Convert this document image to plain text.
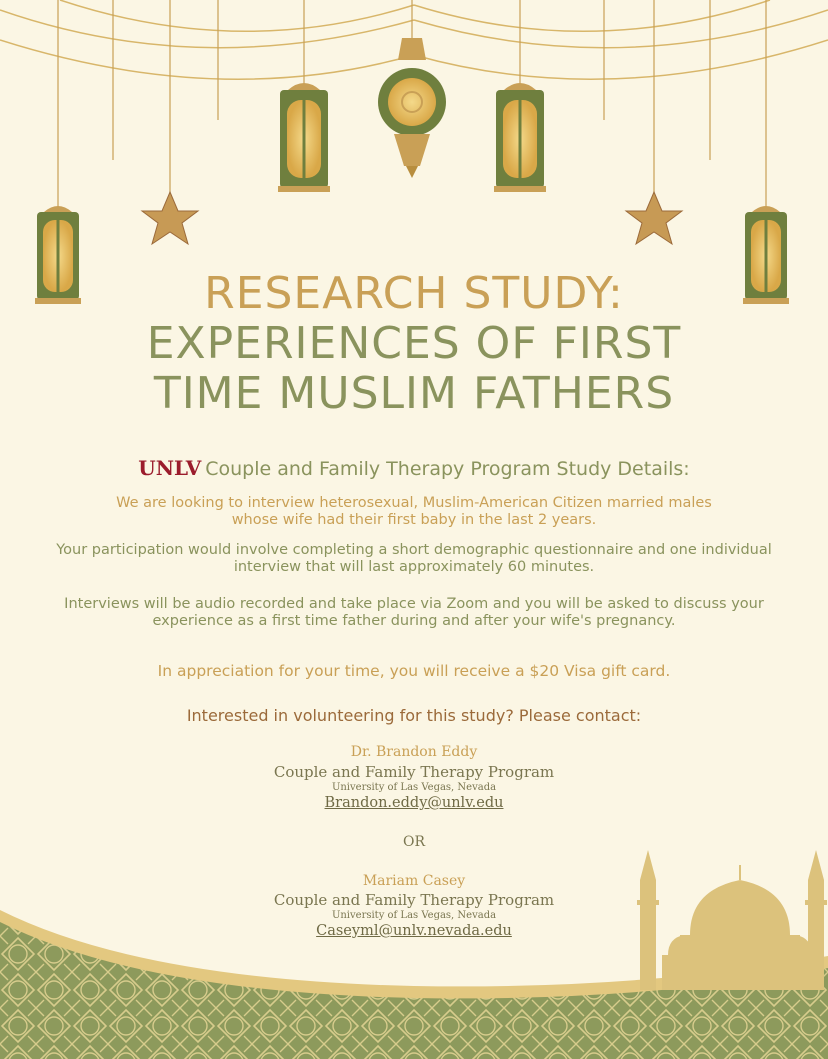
RESEARCH STUDY:
EXPERIENCES OF FIRST
TIME MUSLIM FATHERS
UNLV Couple and Family Therapy Program Study Details:
We are looking to interview heterosexual, Muslim-American Citizen married males
whose wife had their first baby in the last 2 years.
Your participation would involve completing a short demographic questionnaire and one individual
interview that will last approximately 60 minutes.
Interviews will be audio recorded and take place via Zoom and you will be asked to discuss your
experience as a first time father during and after your wife's pregnancy.
In appreciation for your time, you will receive a $20 Visa gift card.
Interested in volunteering for this study? Please contact:
Dr. Brandon Eddy
Couple and Family Therapy Program
University of Las Vegas, Nevada
Brandon.eddy@unlv.edu
OR
Mariam Casey
Couple and Family Therapy Program
University of Las Vegas, Nevada
Caseyml@unlv.nevada.edu
